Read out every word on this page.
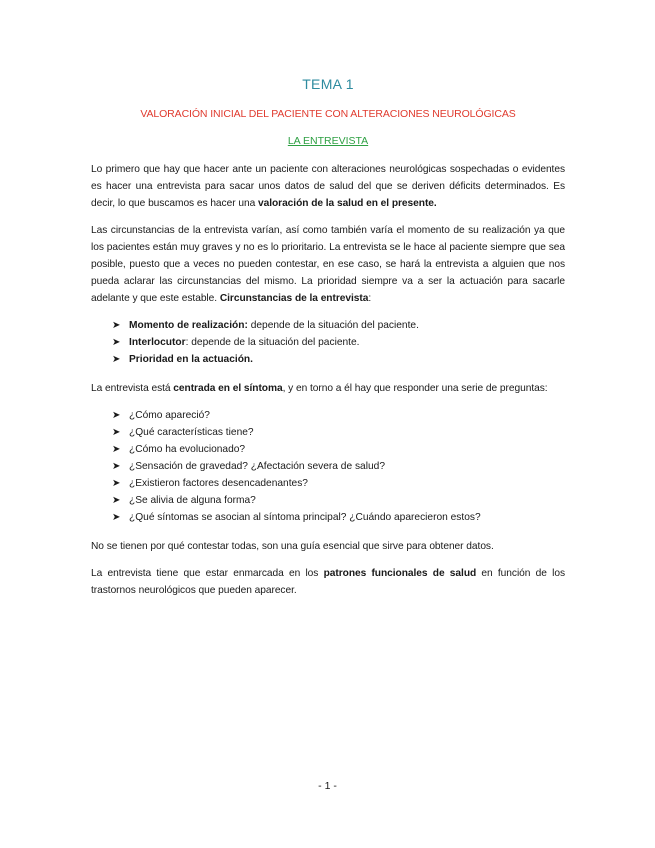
TEMA 1
VALORACIÓN INICIAL DEL PACIENTE CON ALTERACIONES NEUROLÓGICAS
LA ENTREVISTA

Lo primero que hay que hacer ante un paciente con alteraciones neurológicas sospechadas o evidentes es hacer una entrevista para sacar unos datos de salud del que se deriven déficits determinados. Es decir, lo que buscamos es hacer una valoración de la salud en el presente.

Las circunstancias de la entrevista varían, así como también varía el momento de su realización ya que los pacientes están muy graves y no es lo prioritario. La entrevista se le hace al paciente siempre que sea posible, puesto que a veces no pueden contestar, en ese caso, se hará la entrevista a alguien que nos pueda aclarar las circunstancias del mismo. La prioridad siempre va a ser la actuación para sacarle adelante y que este estable. Circunstancias de la entrevista:

➤ Momento de realización: depende de la situación del paciente.
➤ Interlocutor: depende de la situación del paciente.
➤ Prioridad en la actuación.

La entrevista está centrada en el síntoma, y en torno a él hay que responder una serie de preguntas:

➤ ¿Cómo apareció?
➤ ¿Qué características tiene?
➤ ¿Cómo ha evolucionado?
➤ ¿Sensación de gravedad? ¿Afectación severa de salud?
➤ ¿Existieron factores desencadenantes?
➤ ¿Se alivia de alguna forma?
➤ ¿Qué síntomas se asocian al síntoma principal? ¿Cuándo aparecieron estos?

No se tienen por qué contestar todas, son una guía esencial que sirve para obtener datos.

La entrevista tiene que estar enmarcada en los patrones funcionales de salud en función de los trastornos neurológicos que pueden aparecer.

- 1 -
